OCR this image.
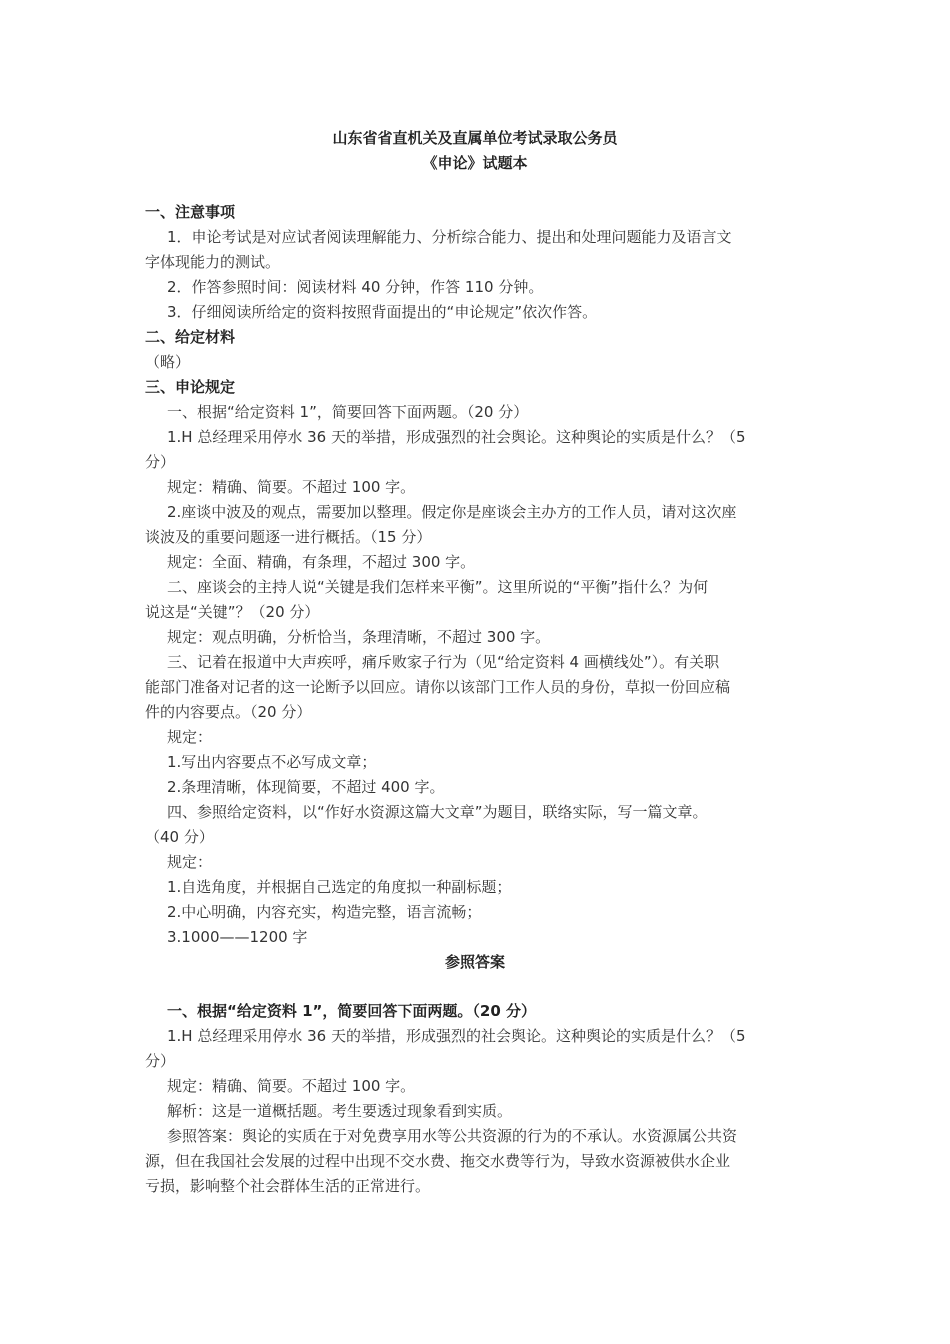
山东省省直机关及直属单位考试录取公务员
《申论》试题本
一、注意事项
1．申论考试是对应试者阅读理解能力、分析综合能力、提出和处理问题能力及语言文
字体现能力的测试。
2．作答参照时间：阅读材料 40 分钟，作答 110 分钟。
3．仔细阅读所给定的资料按照背面提出的“申论规定”依次作答。
二、给定材料
（略）
三、申论规定
一、根据“给定资料 1”，简要回答下面两题。（20 分）
1.H 总经理采用停水 36 天的举措，形成强烈的社会舆论。这种舆论的实质是什么？（5
分）
规定：精确、简要。不超过 100 字。
2.座谈中波及的观点，需要加以整理。假定你是座谈会主办方的工作人员，请对这次座
谈波及的重要问题逐一进行概括。（15 分）
规定：全面、精确，有条理，不超过 300 字。
二、座谈会的主持人说“关键是我们怎样来平衡”。这里所说的“平衡”指什么？为何
说这是“关键”？（20 分）
规定：观点明确，分析恰当，条理清晰，不超过 300 字。
三、记着在报道中大声疾呼，痛斥败家子行为（见“给定资料 4 画横线处”）。有关职
能部门准备对记者的这一论断予以回应。请你以该部门工作人员的身份，草拟一份回应稿
件的内容要点。（20 分）
规定：
1.写出内容要点不必写成文章；
2.条理清晰，体现简要，不超过 400 字。
四、参照给定资料，以“作好水资源这篇大文章”为题目，联络实际，写一篇文章。
（40 分）
规定：
1.自选角度，并根据自己选定的角度拟一种副标题；
2.中心明确，内容充实，构造完整，语言流畅；
3.1000——1200 字
参照答案
一、根据“给定资料 1”，简要回答下面两题。（20 分）
1.H 总经理采用停水 36 天的举措，形成强烈的社会舆论。这种舆论的实质是什么？（5
分）
规定：精确、简要。不超过 100 字。
解析：这是一道概括题。考生要透过现象看到实质。
参照答案：舆论的实质在于对免费享用水等公共资源的行为的不承认。水资源属公共资
源，但在我国社会发展的过程中出现不交水费、拖交水费等行为，导致水资源被供水企业
亏损，影响整个社会群体生活的正常进行。
